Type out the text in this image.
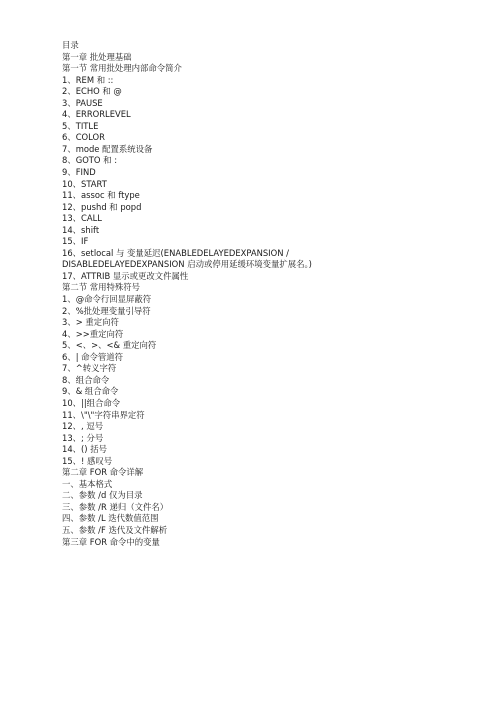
目录
第一章 批处理基础
第一节 常用批处理内部命令简介
1、REM 和 ::
2、ECHO 和 @
3、PAUSE
4、ERRORLEVEL
5、TITLE
6、COLOR
7、mode 配置系统设备
8、GOTO 和 :
9、FIND
10、START
11、assoc 和 ftype
12、pushd 和 popd
13、CALL
14、shift
15、IF
16、setlocal 与 变量延迟(ENABLEDELAYEDEXPANSION / DISABLEDELAYEDEXPANSION 启动或停用延缓环境变量扩展名。)
17、ATTRIB 显示或更改文件属性
第二节 常用特殊符号
1、@命令行回显屏蔽符
2、%批处理变量引导符
3、> 重定向符
4、>>重定向符
5、<、>、<& 重定向符
6、| 命令管道符
7、^转义字符
8、组合命令
9、& 组合命令
10、||组合命令
11、\"\"字符串界定符
12、, 逗号
13、; 分号
14、() 括号
15、! 感叹号
第二章 FOR 命令详解
一、基本格式
二、参数 /d 仅为目录
三、参数 /R 递归（文件名）
四、参数 /L 迭代数值范围
五、参数 /F 迭代及文件解析
第三章 FOR 命令中的变量
